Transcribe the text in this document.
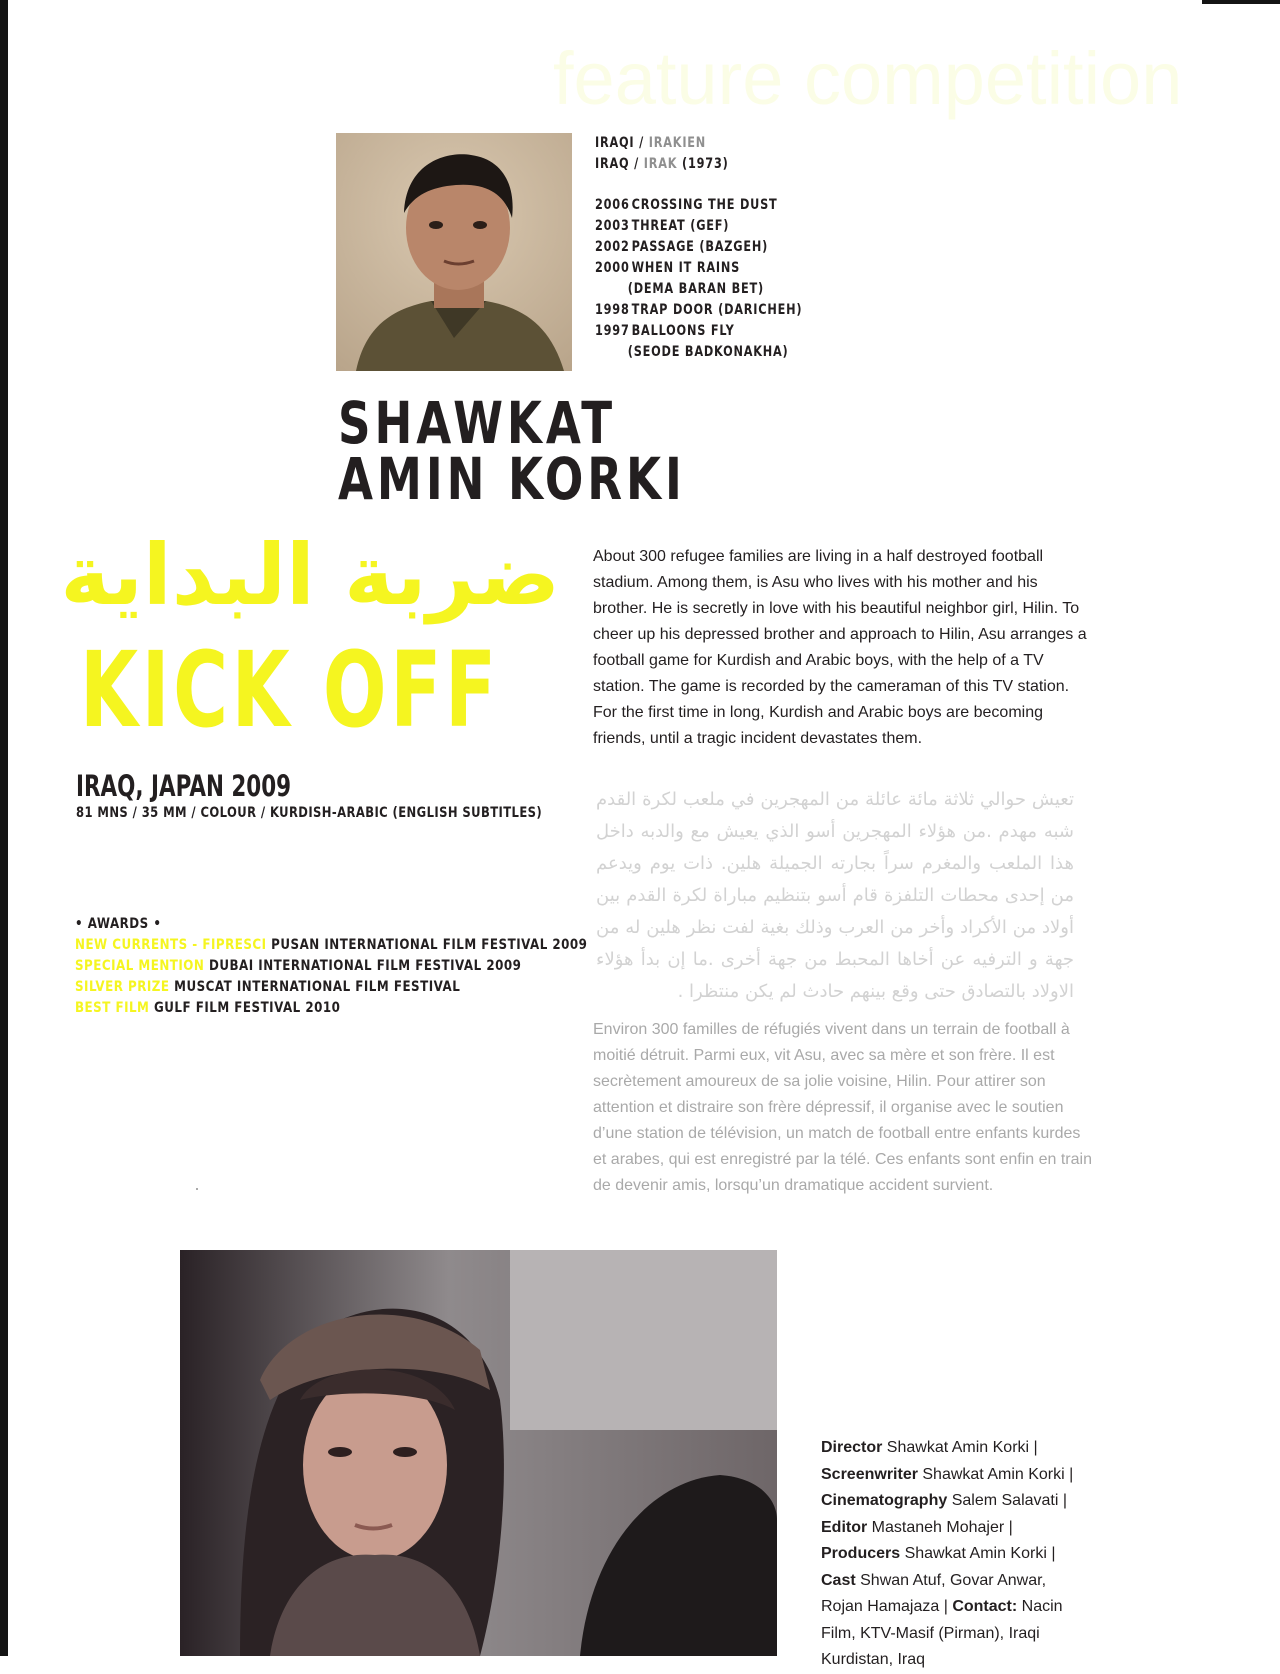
feature competition
IRAQI / IRAKIEN
IRAQ / IRAK (1973)
2006 CROSSING THE DUST
2003 THREAT (GEF)
2002 PASSAGE (BAZGEH)
2000 WHEN IT RAINS
(DEMA BARAN BET)
1998 TRAP DOOR (DARICHEH)
1997 BALLOONS FLY
(SEODE BADKONAKHA)
SHAWKAT
AMIN KORKI
ضربة البداية
KICK OFF
IRAQ, JAPAN 2009
81 MNS / 35 MM / COLOUR / KURDISH-ARABIC (ENGLISH SUBTITLES)
• AWARDS •
NEW CURRENTS - FIPRESCI PUSAN INTERNATIONAL FILM FESTIVAL 2009
SPECIAL MENTION DUBAI INTERNATIONAL FILM FESTIVAL 2009
SILVER PRIZE MUSCAT INTERNATIONAL FILM FESTIVAL
BEST FILM GULF FILM FESTIVAL 2010
About 300 refugee families are living in a half destroyed football stadium. Among them, is Asu who lives with his mother and his brother. He is secretly in love with his beautiful neighbor girl, Hilin. To cheer up his depressed brother and approach to Hilin, Asu arranges a football game for Kurdish and Arabic boys, with the help of a TV station. The game is recorded by the cameraman of this TV station. For the first time in long, Kurdish and Arabic boys are becoming friends, until a tragic incident devastates them.
تعيش حوالي ثلاثة مائة عائلة من المهجرين في ملعب لكرة القدم شبه مهدم .من هؤلاء المهجرين أسو الذي يعيش مع والدبه داخل هذا الملعب والمغرم سراً بجارته الجميلة هلين. ذات يوم ويدعم من إحدى محطات التلفزة قام أسو بتنظيم مباراة لكرة القدم بين أولاد من الأكراد وأخر من العرب وذلك بغية لفت نظر هلين له من جهة و الترفيه عن أخاها المحبط من جهة أخرى .ما إن بدأ هؤلاء الاولاد بالتصادق حتى وقع بينهم حادث لم يكن منتظرا .
Environ 300 familles de réfugiés vivent dans un terrain de football à moitié détruit. Parmi eux, vit Asu, avec sa mère et son frère. Il est secrètement amoureux de sa jolie voisine, Hilin. Pour attirer son attention et distraire son frère dépressif, il organise avec le soutien d’une station de télévision, un match de football entre enfants kurdes et arabes, qui est enregistré par la télé. Ces enfants sont enfin en train de devenir amis, lorsqu’un dramatique accident survient.
Director Shawkat Amin Korki | Screenwriter Shawkat Amin Korki | Cinematography Salem Salavati | Editor Mastaneh Mohajer | Producers Shawkat Amin Korki | Cast Shwan Atuf, Govar Anwar, Rojan Hamajaza | Contact: Nacin Film, KTV-Masif (Pirman), Iraqi Kurdistan, Iraq
